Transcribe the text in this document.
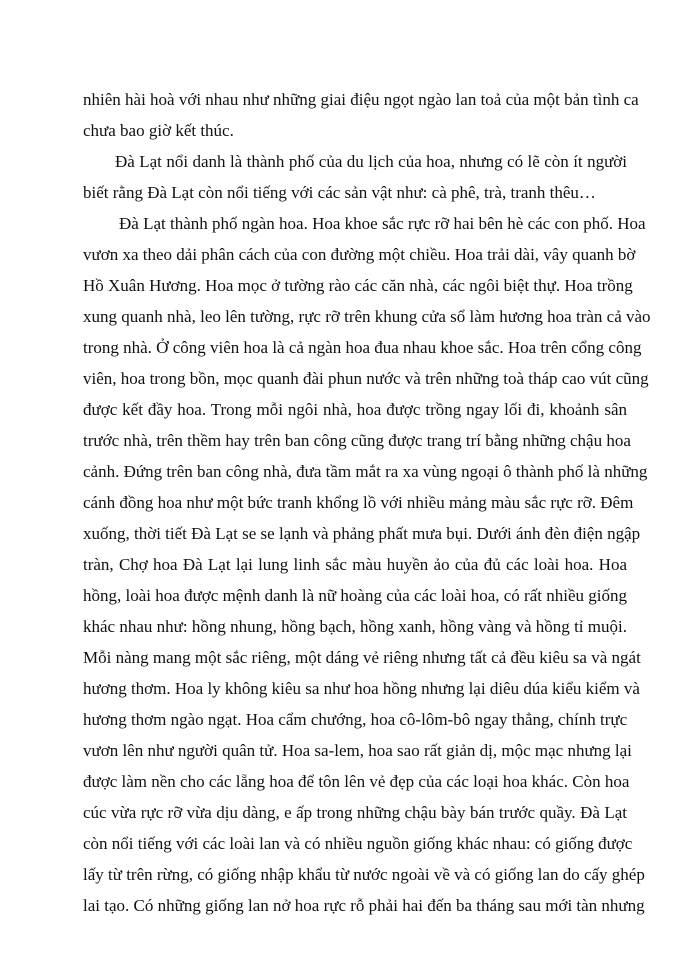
nhiên hài hoà với nhau như những giai điệu ngọt ngào lan toả của một bản tình ca
chưa bao giờ kết thúc.
Đà Lạt nổi danh là thành phố của du lịch của hoa, nhưng có lẽ còn ít người
biết rằng Đà Lạt còn nổi tiếng với các sản vật như: cà phê, trà, tranh thêu…
Đà Lạt thành phố ngàn hoa. Hoa khoe sắc rực rỡ hai bên hè các con phố. Hoa
vươn xa theo dải phân cách của con đường một chiều. Hoa trải dài, vây quanh bờ
Hồ Xuân Hương. Hoa mọc ở tường rào các căn nhà, các ngôi biệt thự. Hoa trồng
xung quanh nhà, leo lên tường, rực rỡ trên khung cửa sổ làm hương hoa tràn cả vào
trong nhà. Ở công viên hoa là cả ngàn hoa đua nhau khoe sắc. Hoa trên cổng công
viên, hoa trong bồn, mọc quanh đài phun nước và trên những toà tháp cao vút cũng
được kết đầy hoa. Trong mỗi ngôi nhà, hoa được trồng ngay lối đi, khoảnh sân
trước nhà, trên thềm hay trên ban công cũng được trang trí bằng những chậu hoa
cảnh. Đứng trên ban công nhà, đưa tầm mắt ra xa vùng ngoại ô thành phố là những
cánh đồng hoa như một bức tranh khổng lồ với nhiều mảng màu sắc rực rỡ. Đêm
xuống, thời tiết Đà Lạt se se lạnh và phảng phất mưa bụi. Dưới ánh đèn điện ngập
tràn, Chợ hoa Đà Lạt lại lung linh sắc màu huyền ảo của đủ các loài hoa. Hoa
hồng, loài hoa được mệnh danh là nữ hoàng của các loài hoa, có rất nhiều giống
khác nhau như: hồng nhung, hồng bạch, hồng xanh, hồng vàng và hồng tỉ muội.
Mỗi nàng mang một sắc riêng, một dáng vẻ riêng nhưng tất cả đều kiêu sa và ngát
hương thơm. Hoa ly không kiêu sa như hoa hồng nhưng lại diêu dúa kiểu kiểm và
hương thơm ngào ngạt. Hoa cẩm chướng, hoa cô-lôm-bô ngay thẳng, chính trực
vươn lên như người quân tử. Hoa sa-lem, hoa sao rất giản dị, mộc mạc nhưng lại
được làm nền cho các lẵng hoa để tôn lên vẻ đẹp của các loại hoa khác. Còn hoa
cúc vừa rực rỡ vừa dịu dàng, e ấp trong những chậu bày bán trước quầy. Đà Lạt
còn nổi tiếng với các loài lan và có nhiều nguồn giống khác nhau: có giống được
lấy từ trên rừng, có giống nhập khẩu từ nước ngoài về và có giống lan do cấy ghép
lai tạo. Có những giống lan nở hoa rực rỗ phải hai đến ba tháng sau mới tàn nhưng
